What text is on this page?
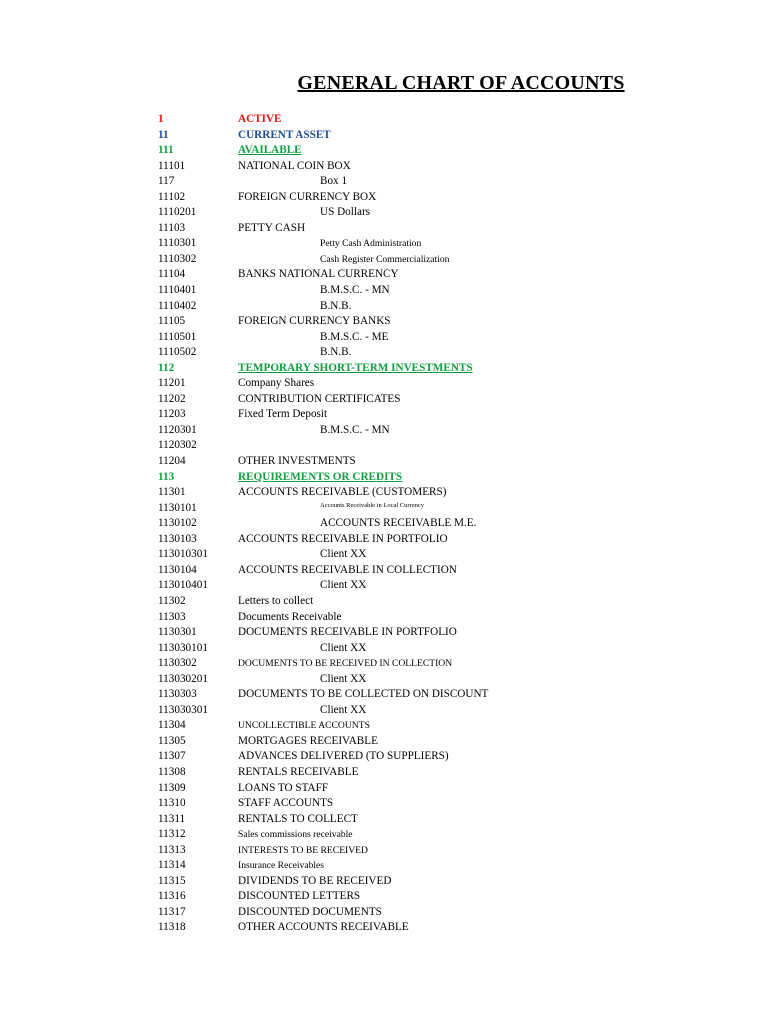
GENERAL CHART OF ACCOUNTS
1	ACTIVE
11	CURRENT ASSET
111	AVAILABLE
11101	NATIONAL COIN BOX
117	Box 1
11102	FOREIGN CURRENCY BOX
1110201	US Dollars
11103	PETTY CASH
1110301	Petty Cash Administration
1110302	Cash Register Commercialization
11104	BANKS NATIONAL CURRENCY
1110401	B.M.S.C. - MN
1110402	B.N.B.
11105	FOREIGN CURRENCY BANKS
1110501	B.M.S.C. - ME
1110502	B.N.B.
112	TEMPORARY SHORT-TERM INVESTMENTS
11201	Company Shares
11202	CONTRIBUTION CERTIFICATES
11203	Fixed Term Deposit
1120301	B.M.S.C. - MN
1120302
11204	OTHER INVESTMENTS
113	REQUIREMENTS OR CREDITS
11301	ACCOUNTS RECEIVABLE (CUSTOMERS)
1130101	Accounts Receivable in Local Currency
1130102	ACCOUNTS RECEIVABLE M.E.
1130103	ACCOUNTS RECEIVABLE IN PORTFOLIO
113010301	Client XX
1130104	ACCOUNTS RECEIVABLE IN COLLECTION
113010401	Client XX
11302	Letters to collect
11303	Documents Receivable
1130301	DOCUMENTS RECEIVABLE IN PORTFOLIO
113030101	Client XX
1130302	DOCUMENTS TO BE RECEIVED IN COLLECTION
113030201	Client XX
1130303	DOCUMENTS TO BE COLLECTED ON DISCOUNT
113030301	Client XX
11304	UNCOLLECTIBLE ACCOUNTS
11305	MORTGAGES RECEIVABLE
11307	ADVANCES DELIVERED (TO SUPPLIERS)
11308	RENTALS RECEIVABLE
11309	LOANS TO STAFF
11310	STAFF ACCOUNTS
11311	RENTALS TO COLLECT
11312	Sales commissions receivable
11313	INTERESTS TO BE RECEIVED
11314	Insurance Receivables
11315	DIVIDENDS TO BE RECEIVED
11316	DISCOUNTED LETTERS
11317	DISCOUNTED DOCUMENTS
11318	OTHER ACCOUNTS RECEIVABLE
